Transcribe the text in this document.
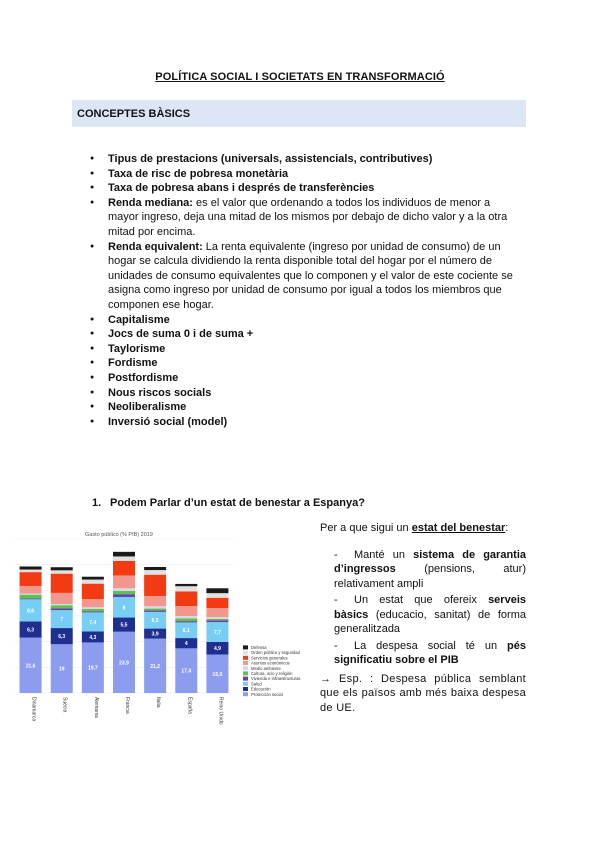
POLÍTICA SOCIAL I SOCIETATS EN TRANSFORMACIÓ
CONCEPTES BÀSICS
● Tipus de prestacions (universals, assistencials, contributives)
● Taxa de risc de pobresa monetària
● Taxa de pobresa abans i després de transferències
● Renda mediana: es el valor que ordenando a todos los individuos de menor a mayor ingreso, deja una mitad de los mismos por debajo de dicho valor y a la otra mitad por encima.
● Renda equivalent: La renta equivalente (ingreso por unidad de consumo) de un hogar se calcula dividiendo la renta disponible total del hogar por el número de unidades de consumo equivalentes que lo componen y el valor de este cociente se asigna como ingreso por unidad de consumo por igual a todos los miembros que componen ese hogar.
● Capitalisme
● Jocs de suma 0 i de suma +
● Taylorisme
● Fordisme
● Postfordisme
● Nous riscos socials
● Neoliberalisme
● Inversió social (model)
1. Podem Parlar d’un estat de benestar a Espanya?
Gasto público (% PIB) 2019
21,6
6,3
8,6
Dinamarca
19
6,3
7
Suecia
19,7
4,3
7,4
Alemania
23,9
5,5
8
Francia
21,2
3,9
6,5
Italia
17,4
4
6,1
España
15,0
4,9
7,7
Reino Unido
Defensa
Orden público y seguridad
Servicios generales
Asuntos económicos
Medio ambiente
Cultura, ocio y religión
Vivienda e infraestructuras
Salud
Educación
Protección social

Per a que sigui un estat del benestar:

- Manté un sistema de garantia d’ingressos (pensions, atur) relativament ampli

- Un estat que ofereix serveis bàsics (educacio, sanitat) de forma generalitzada

- La despesa social té un pés significatiu sobre el PIB

→ Esp. : Despesa pública semblant que els països amb més baixa despesa de UE.
